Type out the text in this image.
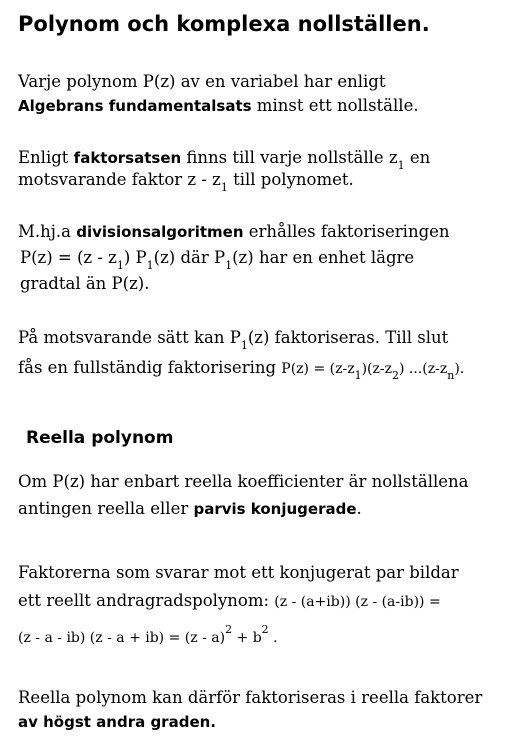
Polynom och komplexa nollställen.
Varje polynom P(z) av en variabel har enligt
Algebrans fundamentalsats minst ett nollställe.
Enligt faktorsatsen finns till varje nollställe $z_1$ en
motsvarande faktor z - $z_1$ till polynomet.
M.hj.a divisionsalgoritmen erhålles faktoriseringen
$P(z) = (z - z_1)$ $P_1(z)$ där $P_1(z)$ har en enhet lägre
gradtal än P(z).
På motsvarande sätt kan $P_1(z)$ faktoriseras. Till slut
fås en fullständig faktorisering $P(z) = (z-z_1)(z-z_2)$ $...(z-z_n)$.
Reella polynom
Om P(z) har enbart reella koefficienter är nollställena
antingen reella eller parvis konjugerade.
Faktorerna som svarar mot ett konjugerat par bildar
ett reellt andragradspolynom: (z - (a+ib)) (z - (a-ib)) =
(z - a - ib) $(z - a + ib) = (z - a)^2 + b^2$ .
Reella polynom kan därför faktoriseras i reella faktorer
av högst andra graden.
